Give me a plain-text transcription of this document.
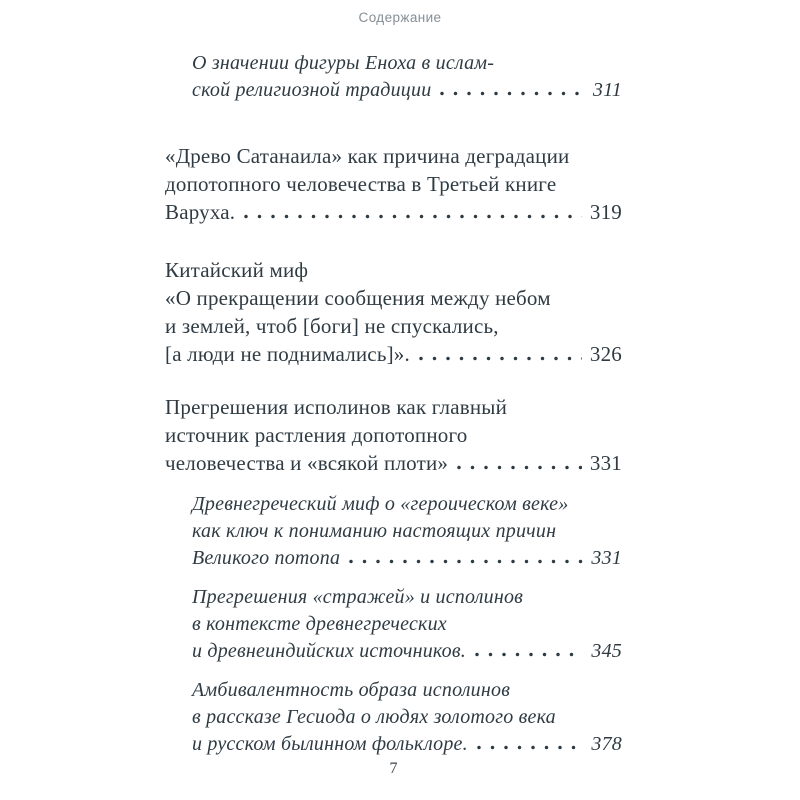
Содержание
О значении фигуры Еноха в ислам-
ской религиозной традиции	311
«Древо Сатанаила» как причина деградации
допотопного человечества в Третьей книге
Варуха.	319
Китайский миф
«О прекращении сообщения между небом
и землей, чтоб [боги] не спускались,
[а люди не поднимались]».	326
Прегрешения исполинов как главный
источник растления допотопного
человечества и «всякой плоти»	331
Древнегреческий миф о «героическом веке»
как ключ к пониманию настоящих причин
Великого потопа	331
Прегрешения «стражей» и исполинов
в контексте древнегреческих
и древнеиндийских источников.	345
Амбивалентность образа исполинов
в рассказе Гесиода о людях золотого века
и русском былинном фольклоре.	378
7
